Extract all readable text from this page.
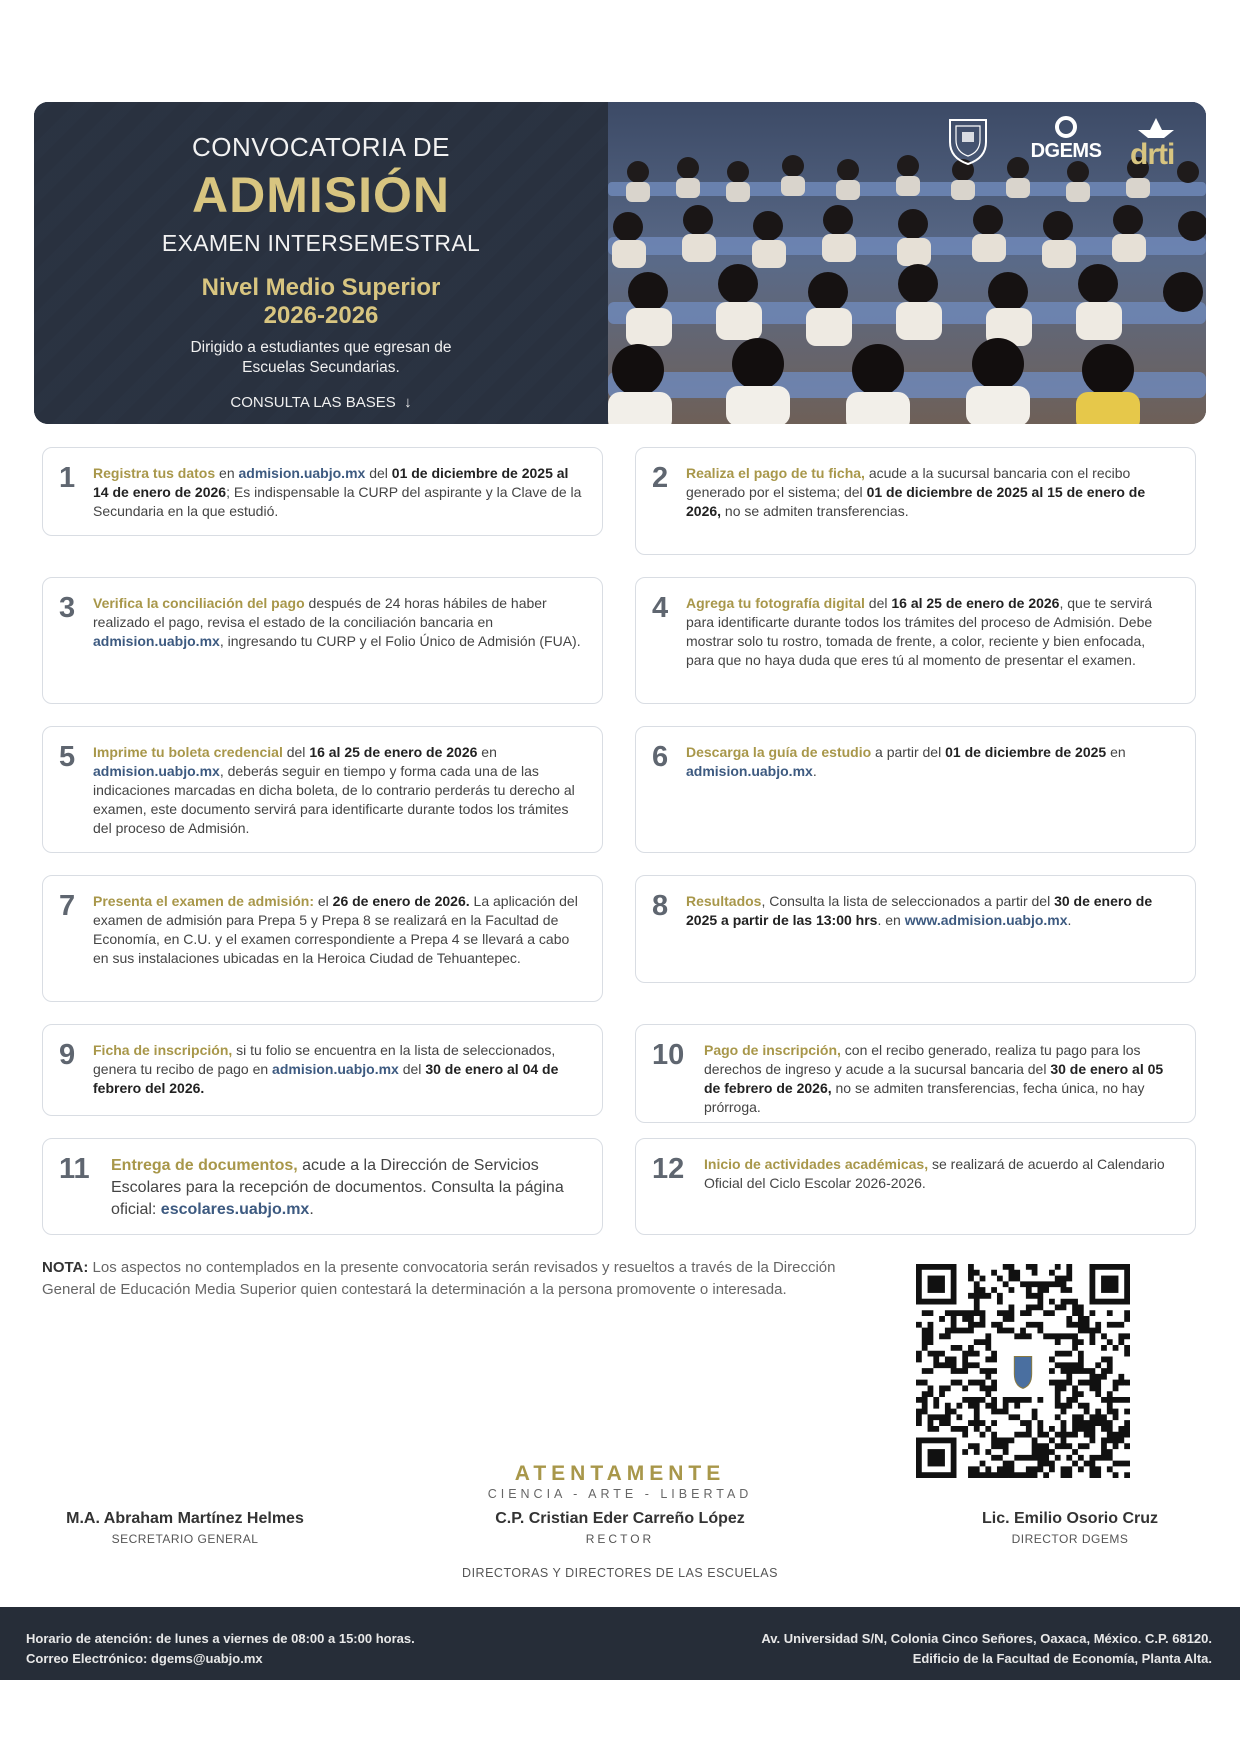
CONVOCATORIA DE
ADMISIÓN
EXAMEN INTERSEMESTRAL
Nivel Medio Superior
2026-2026
Dirigido a estudiantes que egresan de
Escuelas Secundarias.
CONSULTA LAS BASES  ↓
DGEMS drti
1 Registra tus datos en admision.uabjo.mx del 01 de diciembre de 2025 al 14 de enero de 2026; Es indispensable la CURP del aspirante y la Clave de la Secundaria en la que estudió.
2 Realiza el pago de tu ficha, acude a la sucursal bancaria con el recibo generado por el sistema; del 01 de diciembre de 2025 al 15 de enero de 2026, no se admiten transferencias.
3 Verifica la conciliación del pago después de 24 horas hábiles de haber realizado el pago, revisa el estado de la conciliación bancaria en admision.uabjo.mx, ingresando tu CURP y el Folio Único de Admisión (FUA).
4 Agrega tu fotografía digital del 16 al 25 de enero de 2026, que te servirá para identificarte durante todos los trámites del proceso de Admisión. Debe mostrar solo tu rostro, tomada de frente, a color, reciente y bien enfocada, para que no haya duda que eres tú al momento de presentar el examen.
5 Imprime tu boleta credencial del 16 al 25 de enero de 2026 en admision.uabjo.mx, deberás seguir en tiempo y forma cada una de las indicaciones marcadas en dicha boleta, de lo contrario perderás tu derecho al examen, este documento servirá para identificarte durante todos los trámites del proceso de Admisión.
6 Descarga la guía de estudio a partir del 01 de diciembre de 2025 en admision.uabjo.mx.
7 Presenta el examen de admisión: el 26 de enero de 2026. La aplicación del examen de admisión para Prepa 5 y Prepa 8 se realizará en la Facultad de Economía, en C.U. y el examen correspondiente a Prepa 4 se llevará a cabo en sus instalaciones ubicadas en la Heroica Ciudad de Tehuantepec.
8 Resultados, Consulta la lista de seleccionados a partir del 30 de enero de 2025 a partir de las 13:00 hrs. en www.admision.uabjo.mx.
9 Ficha de inscripción, si tu folio se encuentra en la lista de seleccionados, genera tu recibo de pago en admision.uabjo.mx del 30 de enero al 04 de febrero del 2026.
10 Pago de inscripción, con el recibo generado, realiza tu pago para los derechos de ingreso y acude a la sucursal bancaria del 30 de enero al 05 de febrero de 2026, no se admiten transferencias, fecha única, no hay prórroga.
11 Entrega de documentos, acude a la Dirección de Servicios Escolares para la recepción de documentos. Consulta la página oficial: escolares.uabjo.mx.
12 Inicio de actividades académicas, se realizará de acuerdo al Calendario Oficial del Ciclo Escolar 2026-2026.
NOTA: Los aspectos no contemplados en la presente convocatoria serán revisados y resueltos a través de la Dirección General de Educación Media Superior quien contestará la determinación a la persona promovente o interesada.
ATENTAMENTE
CIENCIA - ARTE - LIBERTAD
M.A. Abraham Martínez Helmes
SECRETARIO GENERAL
C.P. Cristian Eder Carreño López
RECTOR
Lic. Emilio Osorio Cruz
DIRECTOR DGEMS
DIRECTORAS Y DIRECTORES DE LAS ESCUELAS
Horario de atención: de lunes a viernes de 08:00 a 15:00 horas.
Correo Electrónico: dgems@uabjo.mx
Av. Universidad S/N, Colonia Cinco Señores, Oaxaca, México. C.P. 68120.
Edificio de la Facultad de Economía, Planta Alta.
